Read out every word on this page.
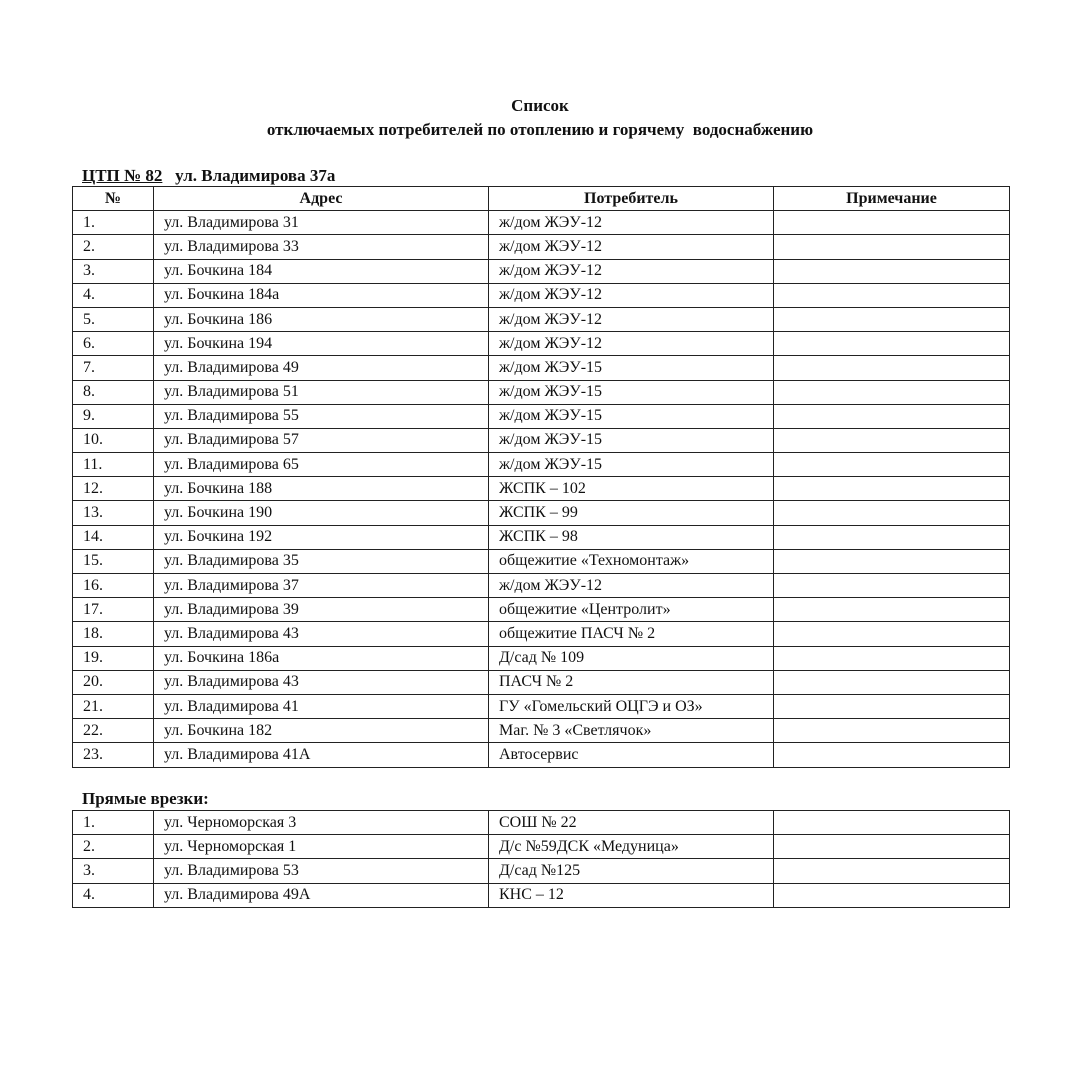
Список
отключаемых потребителей по отоплению и горячему  водоснабжению
ЦТП № 82 ул. Владимирова 37а
№	Адрес	Потребитель	Примечание
1.	ул. Владимирова 31	ж/дом ЖЭУ-12	
2.	ул. Владимирова 33	ж/дом ЖЭУ-12	
3.	ул. Бочкина 184	ж/дом ЖЭУ-12	
4.	ул. Бочкина 184а	ж/дом ЖЭУ-12	
5.	ул. Бочкина 186	ж/дом ЖЭУ-12	
6.	ул. Бочкина 194	ж/дом ЖЭУ-12	
7.	ул. Владимирова 49	ж/дом ЖЭУ-15	
8.	ул. Владимирова 51	ж/дом ЖЭУ-15	
9.	ул. Владимирова 55	ж/дом ЖЭУ-15	
10.	ул. Владимирова 57	ж/дом ЖЭУ-15	
11.	ул. Владимирова 65	ж/дом ЖЭУ-15	
12.	ул. Бочкина 188	ЖСПК – 102	
13.	ул. Бочкина 190	ЖСПК – 99	
14.	ул. Бочкина 192	ЖСПК – 98	
15.	ул. Владимирова 35	общежитие «Техномонтаж»	
16.	ул. Владимирова 37	ж/дом ЖЭУ-12	
17.	ул. Владимирова 39	общежитие «Центролит»	
18.	ул. Владимирова 43	общежитие ПАСЧ № 2	
19.	ул. Бочкина 186а	Д/сад № 109	
20.	ул. Владимирова 43	ПАСЧ № 2	
21.	ул. Владимирова 41	ГУ «Гомельский ОЦГЭ и ОЗ»	
22.	ул. Бочкина 182	Маг. № 3 «Светлячок»	
23.	ул. Владимирова 41А	Автосервис	
Прямые врезки:
1.	ул. Черноморская 3	СОШ № 22	
2.	ул. Черноморская 1	Д/с №59ДСК «Медуница»	
3.	ул. Владимирова 53	Д/сад №125	
4.	ул. Владимирова 49А	КНС – 12	
